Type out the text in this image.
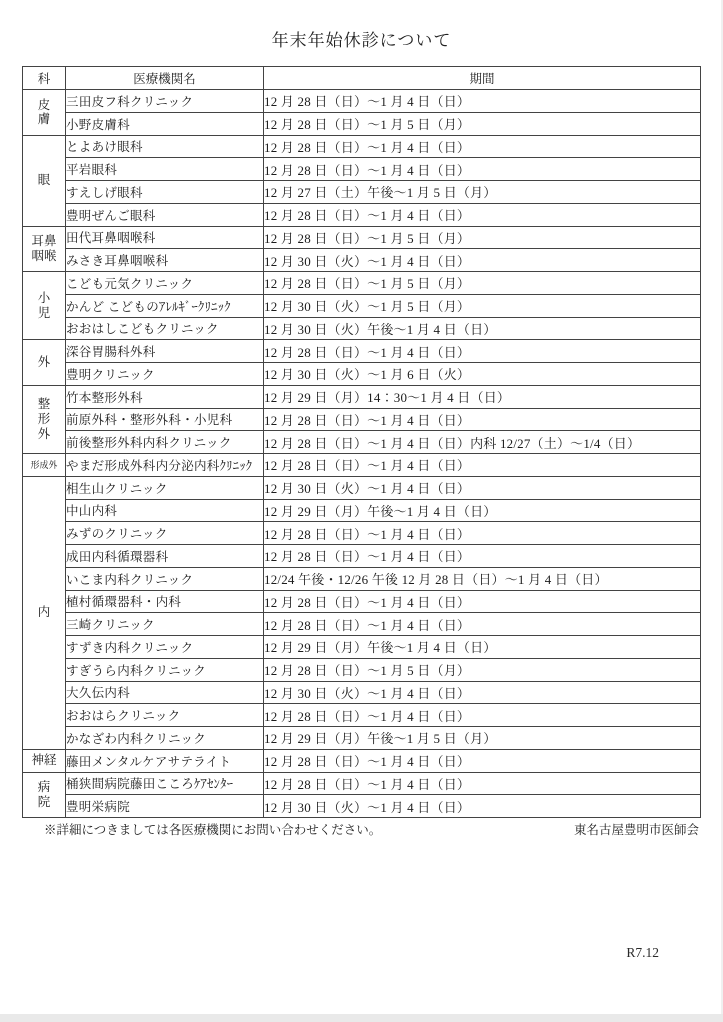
年末年始休診について
科	医療機関名	期間

皮
膚	三田皮フ科クリニック	12 月 28 日（日）～1 月 4 日（日）
	小野皮膚科	12 月 28 日（日）～1 月 5 日（月）

眼	とよあけ眼科	12 月 28 日（日）～1 月 4 日（日）
	平岩眼科	12 月 28 日（日）～1 月 4 日（日）
	すえしげ眼科	12 月 27 日（土）午後～1 月 5 日（月）
	豊明ぜんご眼科	12 月 28 日（日）～1 月 4 日（日）

耳鼻
咽喉	田代耳鼻咽喉科	12 月 28 日（日）～1 月 5 日（月）
	みさき耳鼻咽喉科	12 月 30 日（火）～1 月 4 日（日）

小
児	こども元気クリニック	12 月 28 日（日）～1 月 5 日（月）
	かんど こどものｱﾚﾙｷﾞｰｸﾘﾆｯｸ	12 月 30 日（火）～1 月 5 日（月）
	おおはしこどもクリニック	12 月 30 日（火）午後～1 月 4 日（日）

外	深谷胃腸科外科	12 月 28 日（日）～1 月 4 日（日）
	豊明クリニック	12 月 30 日（火）～1 月 6 日（火）

整
形
外	竹本整形外科	12 月 29 日（月）14：30～1 月 4 日（日）
	前原外科・整形外科・小児科	12 月 28 日（日）～1 月 4 日（日）
	前後整形外科内科クリニック	12 月 28 日（日）～1 月 4 日（日）内科 12/27（土）～1/4（日）

形成外	やまだ形成外科内分泌内科ｸﾘﾆｯｸ	12 月 28 日（日）～1 月 4 日（日）

内	相生山クリニック	12 月 30 日（火）～1 月 4 日（日）
	中山内科	12 月 29 日（月）午後～1 月 4 日（日）
	みずのクリニック	12 月 28 日（日）～1 月 4 日（日）
	成田内科循環器科	12 月 28 日（日）～1 月 4 日（日）
	いこま内科クリニック	12/24 午後・12/26 午後 12 月 28 日（日）～1 月 4 日（日）
	植村循環器科・内科	12 月 28 日（日）～1 月 4 日（日）
	三崎クリニック	12 月 28 日（日）～1 月 4 日（日）
	すずき内科クリニック	12 月 29 日（月）午後～1 月 4 日（日）
	すぎうら内科クリニック	12 月 28 日（日）～1 月 5 日（月）
	大久伝内科	12 月 30 日（火）～1 月 4 日（日）
	おおはらクリニック	12 月 28 日（日）～1 月 4 日（日）
	かなざわ内科クリニック	12 月 29 日（月）午後～1 月 5 日（月）

神経	藤田メンタルケアサテライト	12 月 28 日（日）～1 月 4 日（日）

病
院	桶狭間病院藤田こころｹｱｾﾝﾀｰ	12 月 28 日（日）～1 月 4 日（日）
	豊明栄病院	12 月 30 日（火）～1 月 4 日（日）
※詳細につきましては各医療機関にお問い合わせください。	東名古屋豊明市医師会
R7.12
